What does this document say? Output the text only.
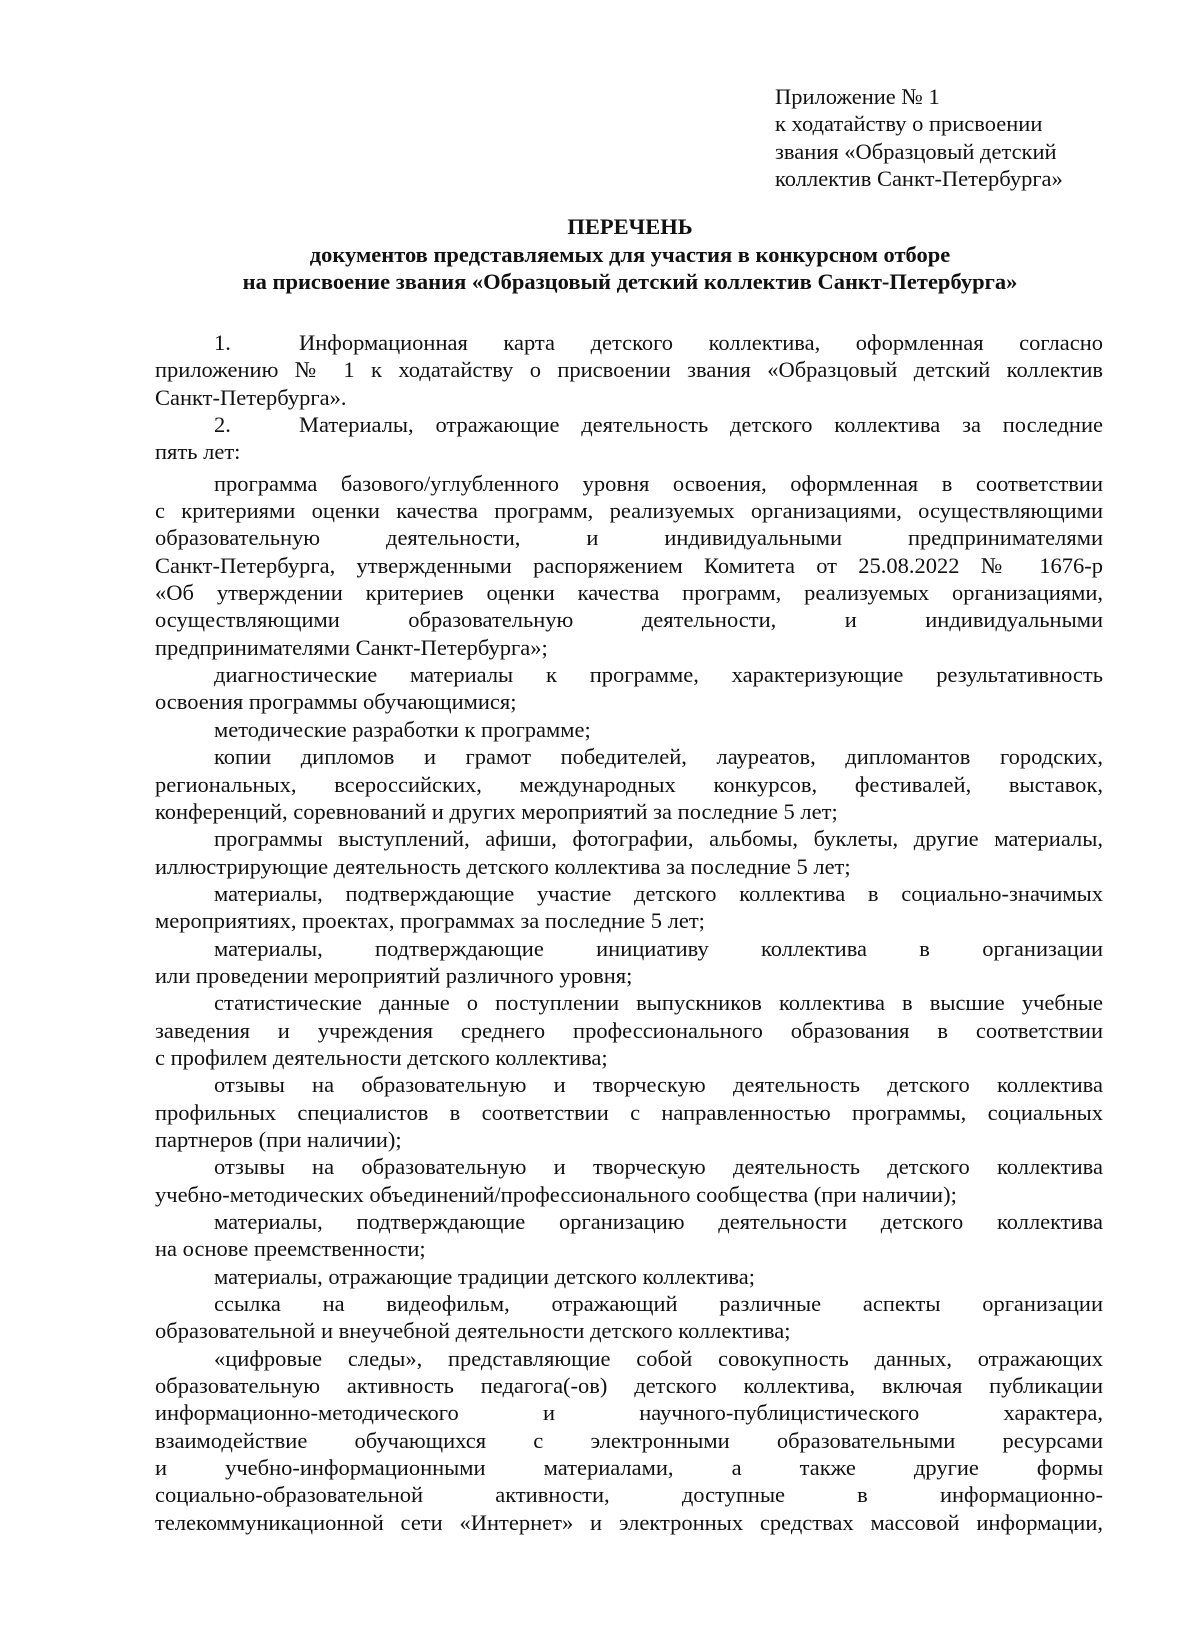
Приложение № 1
к ходатайству о присвоении
звания «Образцовый детский
коллектив Санкт-Петербурга»
ПЕРЕЧЕНЬ
документов представляемых для участия в конкурсном отборе
на присвоение звания «Образцовый детский коллектив Санкт-Петербурга»
1.	Информационная карта детского коллектива, оформленная согласно
приложению № 1 к ходатайству о присвоении звания «Образцовый детский коллектив
Санкт-Петербурга».
2.	Материалы, отражающие деятельность детского коллектива за последние
пять лет:
программа базового/углубленного уровня освоения, оформленная в соответствии
с критериями оценки качества программ, реализуемых организациями, осуществляющими
образовательную деятельности, и индивидуальными предпринимателями
Санкт-Петербурга, утвержденными распоряжением Комитета от 25.08.2022 № 1676-р
«Об утверждении критериев оценки качества программ, реализуемых организациями,
осуществляющими образовательную деятельности, и индивидуальными
предпринимателями Санкт-Петербурга»;
диагностические материалы к программе, характеризующие результативность
освоения программы обучающимися;
методические разработки к программе;
копии дипломов и грамот победителей, лауреатов, дипломантов городских,
региональных, всероссийских, международных конкурсов, фестивалей, выставок,
конференций, соревнований и других мероприятий за последние 5 лет;
программы выступлений, афиши, фотографии, альбомы, буклеты, другие материалы,
иллюстрирующие деятельность детского коллектива за последние 5 лет;
материалы, подтверждающие участие детского коллектива в социально-значимых
мероприятиях, проектах, программах за последние 5 лет;
материалы, подтверждающие инициативу коллектива в организации
или проведении мероприятий различного уровня;
статистические данные о поступлении выпускников коллектива в высшие учебные
заведения и учреждения среднего профессионального образования в соответствии
с профилем деятельности детского коллектива;
отзывы на образовательную и творческую деятельность детского коллектива
профильных специалистов в соответствии с направленностью программы, социальных
партнеров (при наличии);
отзывы на образовательную и творческую деятельность детского коллектива
учебно-методических объединений/профессионального сообщества (при наличии);
материалы, подтверждающие организацию деятельности детского коллектива
на основе преемственности;
материалы, отражающие традиции детского коллектива;
ссылка на видеофильм, отражающий различные аспекты организации
образовательной и внеучебной деятельности детского коллектива;
«цифровые следы», представляющие собой совокупность данных, отражающих
образовательную активность педагога(-ов) детского коллектива, включая публикации
информационно-методического и научного-публицистического характера,
взаимодействие обучающихся с электронными образовательными ресурсами
и учебно-информационными материалами, а также другие формы
социально-образовательной активности, доступные в информационно-
телекоммуникационной сети «Интернет» и электронных средствах массовой информации,
